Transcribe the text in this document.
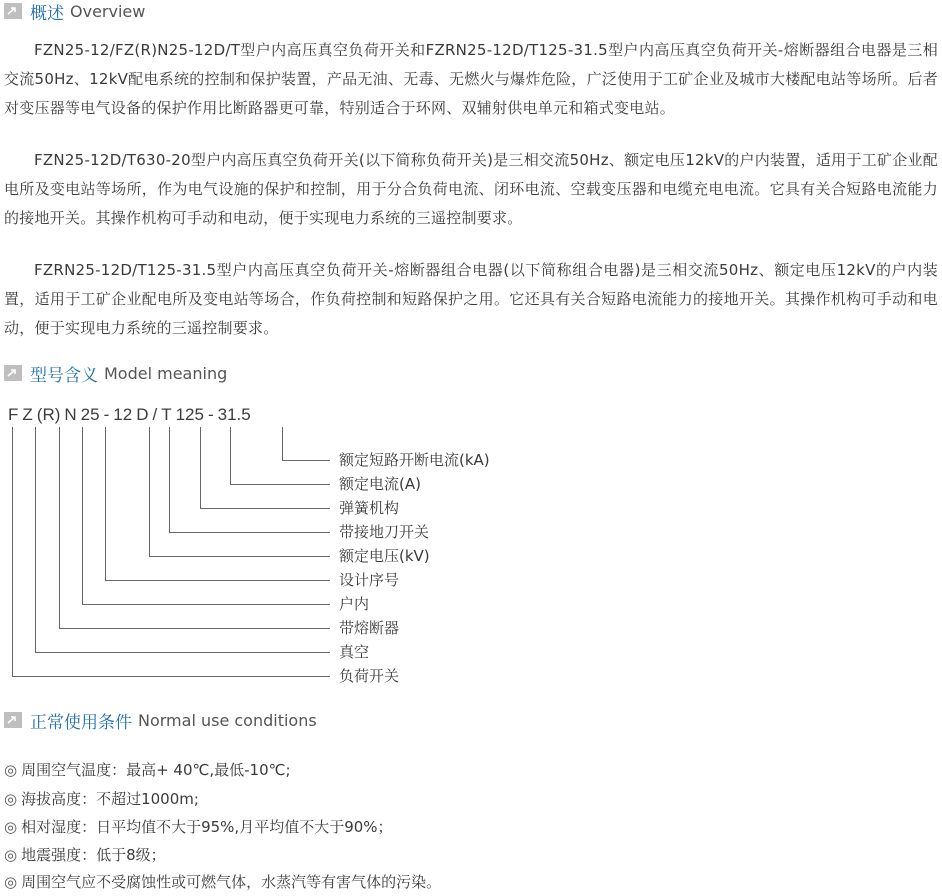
概述 Overview

FZN25-12/FZ(R)N25-12D/T型户内高压真空负荷开关和FZRN25-12D/T125-31.5型户内高压真空负荷开关-熔断器组合电器是三相交流50Hz、12kV配电系统的控制和保护装置，产品无油、无毒、无燃火与爆炸危险，广泛使用于工矿企业及城市大楼配电站等场所。后者对变压器等电气设备的保护作用比断路器更可靠，特别适合于环网、双辅射供电单元和箱式变电站。

FZN25-12D/T630-20型户内高压真空负荷开关(以下简称负荷开关)是三相交流50Hz、额定电压12kV的户内装置，适用于工矿企业配电所及变电站等场所，作为电气设施的保护和控制，用于分合负荷电流、闭环电流、空载变压器和电缆充电电流。它具有关合短路电流能力的接地开关。其操作机构可手动和电动，便于实现电力系统的三遥控制要求。

FZRN25-12D/T125-31.5型户内高压真空负荷开关-熔断器组合电器(以下简称组合电器)是三相交流50Hz、额定电压12kV的户内装置，适用于工矿企业配电所及变电站等场合，作负荷控制和短路保护之用。它还具有关合短路电流能力的接地开关。其操作机构可手动和电动，便于实现电力系统的三遥控制要求。

型号含义 Model meaning
F Z (R) N 25 - 12 D / T 125 - 31.5
额定短路开断电流(kA)
额定电流(A)
弹簧机构
带接地刀开关
额定电压(kV)
设计序号
户内
带熔断器
真空
负荷开关
正常使用条件 Normal use conditions
◎ 周围空气温度：最高+ 40℃,最低-10℃;
◎ 海拔高度：不超过1000m;
◎ 相对湿度：日平均值不大于95%,月平均值不大于90%；
◎ 地震强度：低于8级；
◎ 周围空气应不受腐蚀性或可燃气体，水蒸汽等有害气体的污染。
